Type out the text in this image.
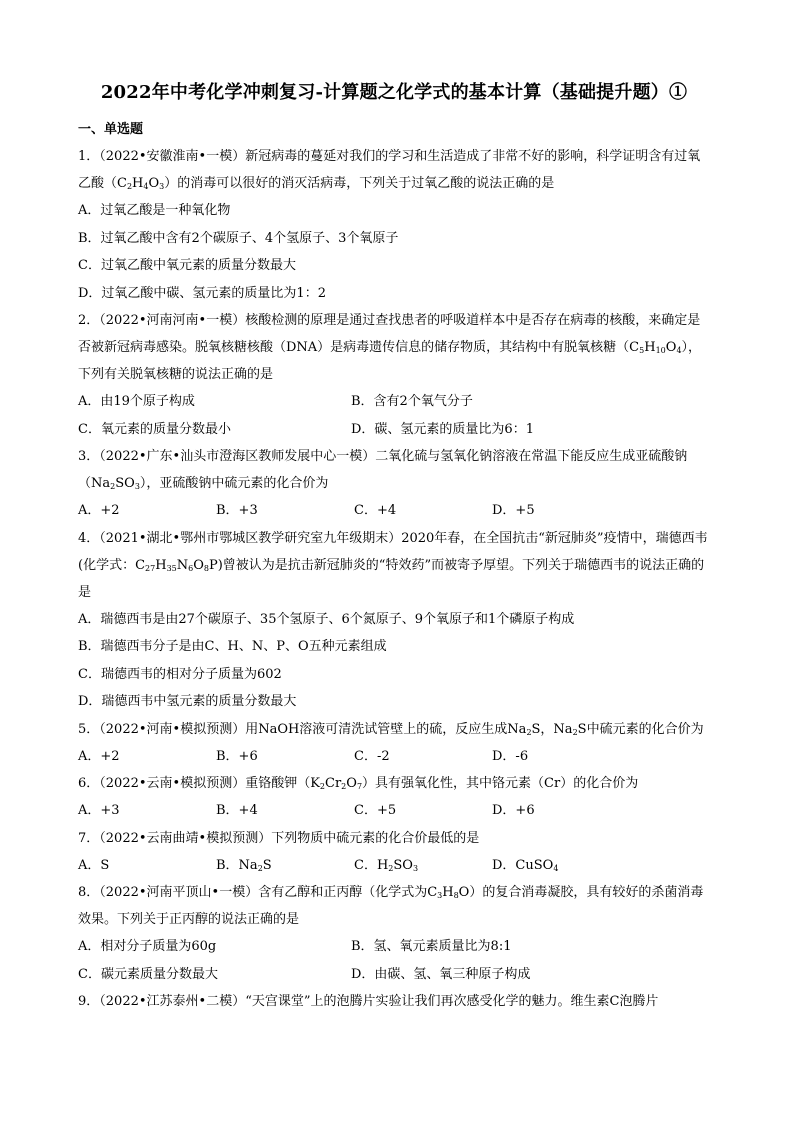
2022年中考化学冲刺复习-计算题之化学式的基本计算（基础提升题）①

一、单选题

1．（2022•安徽淮南•一模）新冠病毒的蔓延对我们的学习和生活造成了非常不好的影响，科学证明含有过氧乙酸$(C_2H_4O_3)$的消毒可以很好的消灭活病毒，下列关于过氧乙酸的说法正确的是

A．过氧乙酸是一种氧化物

B．过氧乙酸中含有2个碳原子、4个氢原子、3个氧原子

C．过氧乙酸中氧元素的质量分数最大

D．过氧乙酸中碳、氢元素的质量比为1：2

2．（2022•河南河南•一模）核酸检测的原理是通过查找患者的呼吸道样本中是否存在病毒的核酸，来确定是否被新冠病毒感染。脱氧核糖核酸（DNA）是病毒遗传信息的储存物质，其结构中有脱氧核糖$(C_5H_{10}O_4)$，下列有关脱氧核糖的说法正确的是

A．由19个原子构成	B．含有2个氧气分子
C．氧元素的质量分数最小	D．碳、氢元素的质量比为6：1

3．（2022•广东•汕头市澄海区教师发展中心一模）二氧化硫与氢氧化钠溶液在常温下能反应生成亚硫酸钠$(Na_2SO_3)$，亚硫酸钠中硫元素的化合价为

A．+2	B．+3	C．+4	D．+5

4．（2021•湖北•鄂州市鄂城区教学研究室九年级期末）2020年春，在全国抗击“新冠肺炎”疫情中，瑞德西韦(化学式：$C_{27}H_{35}N_6O_8P$)曾被认为是抗击新冠肺炎的“特效药”而被寄予厚望。下列关于瑞德西韦的说法正确的是

A．瑞德西韦是由27个碳原子、35个氢原子、6个氮原子、9个氧原子和1个磷原子构成

B．瑞德西韦分子是由C、H、N、P、O五种元素组成

C．瑞德西韦的相对分子质量为602

D．瑞德西韦中氢元素的质量分数最大

5．（2022•河南•模拟预测）用NaOH溶液可清洗试管壁上的硫，反应生成$Na_2S$，$Na_2S$中硫元素的化合价为

A．+2	B．+6	C．-2	D．-6

6．（2022•云南•模拟预测）重铬酸钾$(K_2Cr_2O_7)$具有强氧化性，其中铬元素（Cr）的化合价为

A．+3	B．+4	C．+5	D．+6

7．（2022•云南曲靖•模拟预测）下列物质中硫元素的化合价最低的是

A．S	B．$Na_2S$	C．$H_2SO_3$	D．CuSO$_4$

8．（2022•河南平顶山•一模）含有乙醇和正丙醇（化学式为$C_3H_8O$）的复合消毒凝胶，具有较好的杀菌消毒效果。下列关于正丙醇的说法正确的是

A．相对分子质量为60g	B．氢、氧元素质量比为8:1
C．碳元素质量分数最大	D．由碳、氢、氧三种原子构成

9．（2022•江苏泰州•二模）“天宫课堂”上的泡腾片实验让我们再次感受化学的魅力。维生素C泡腾片
